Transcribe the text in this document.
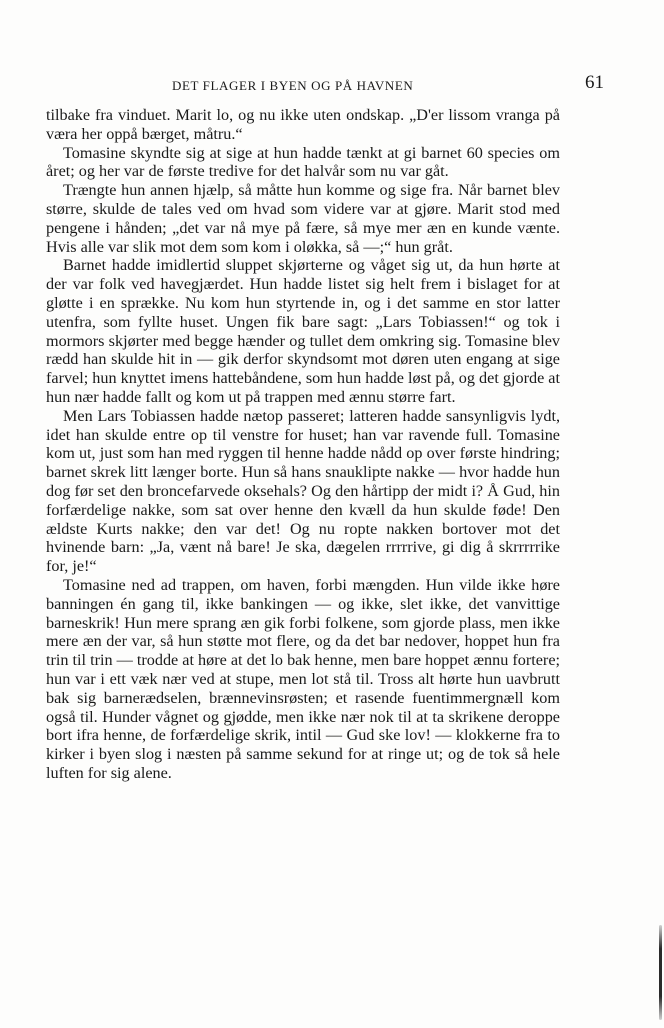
DET FLAGER I BYEN OG PÅ HAVNEN	61

tilbake fra vinduet. Marit lo, og nu ikke uten ondskap. „D'er lissom vranga på væra her oppå bærget, måtru.“

Tomasine skyndte sig at sige at hun hadde tænkt at gi barnet 60 species om året; og her var de første tredive for det halvår som nu var gåt.

Trængte hun annen hjælp, så måtte hun komme og sige fra. Når barnet blev større, skulde de tales ved om hvad som videre var at gjøre. Marit stod med pengene i hånden; „det var nå mye på fære, så mye mer æn en kunde vænte. Hvis alle var slik mot dem som kom i oløkka, så —;“ hun gråt.

Barnet hadde imidlertid sluppet skjørterne og våget sig ut, da hun hørte at der var folk ved havegjærdet. Hun hadde listet sig helt frem i bislaget for at gløtte i en sprække. Nu kom hun styrtende in, og i det samme en stor latter utenfra, som fyllte huset. Ungen fik bare sagt: „Lars Tobiassen!“ og tok i mormors skjørter med begge hænder og tullet dem omkring sig. Tomasine blev rædd han skulde hit in — gik derfor skyndsomt mot døren uten engang at sige farvel; hun knyttet imens hattebåndene, som hun hadde løst på, og det gjorde at hun nær hadde fallt og kom ut på trappen med ænnu større fart.

Men Lars Tobiassen hadde nætop passeret; latteren hadde sansynligvis lydt, idet han skulde entre op til venstre for huset; han var ravende full. Tomasine kom ut, just som han med ryggen til henne hadde nådd op over første hindring; barnet skrek litt længer borte. Hun så hans snauklipte nakke — hvor hadde hun dog før set den broncefarvede oksehals? Og den hårtipp der midt i? Å Gud, hin forfærdelige nakke, som sat over henne den kvæll da hun skulde føde! Den ældste Kurts nakke; den var det! Og nu ropte nakken bortover mot det hvinende barn: „Ja, vænt nå bare! Je ska, dægelen rrrrrive, gi dig å skrrrrrike for, je!“

Tomasine ned ad trappen, om haven, forbi mængden. Hun vilde ikke høre banningen én gang til, ikke bankingen — og ikke, slet ikke, det vanvittige barneskrik! Hun mere sprang æn gik forbi folkene, som gjorde plass, men ikke mere æn der var, så hun støtte mot flere, og da det bar nedover, hoppet hun fra trin til trin — trodde at høre at det lo bak henne, men bare hoppet ænnu fortere; hun var i ett væk nær ved at stupe, men lot stå til. Tross alt hørte hun uavbrutt bak sig barnerædselen, brænnevinsrøsten; et rasende fuentimmergnæll kom også til. Hunder vågnet og gjødde, men ikke nær nok til at ta skrikene deroppe bort ifra henne, de forfærdelige skrik, intil — Gud ske lov! — klokkerne fra to kirker i byen slog i næsten på samme sekund for at ringe ut; og de tok så hele luften for sig alene.
